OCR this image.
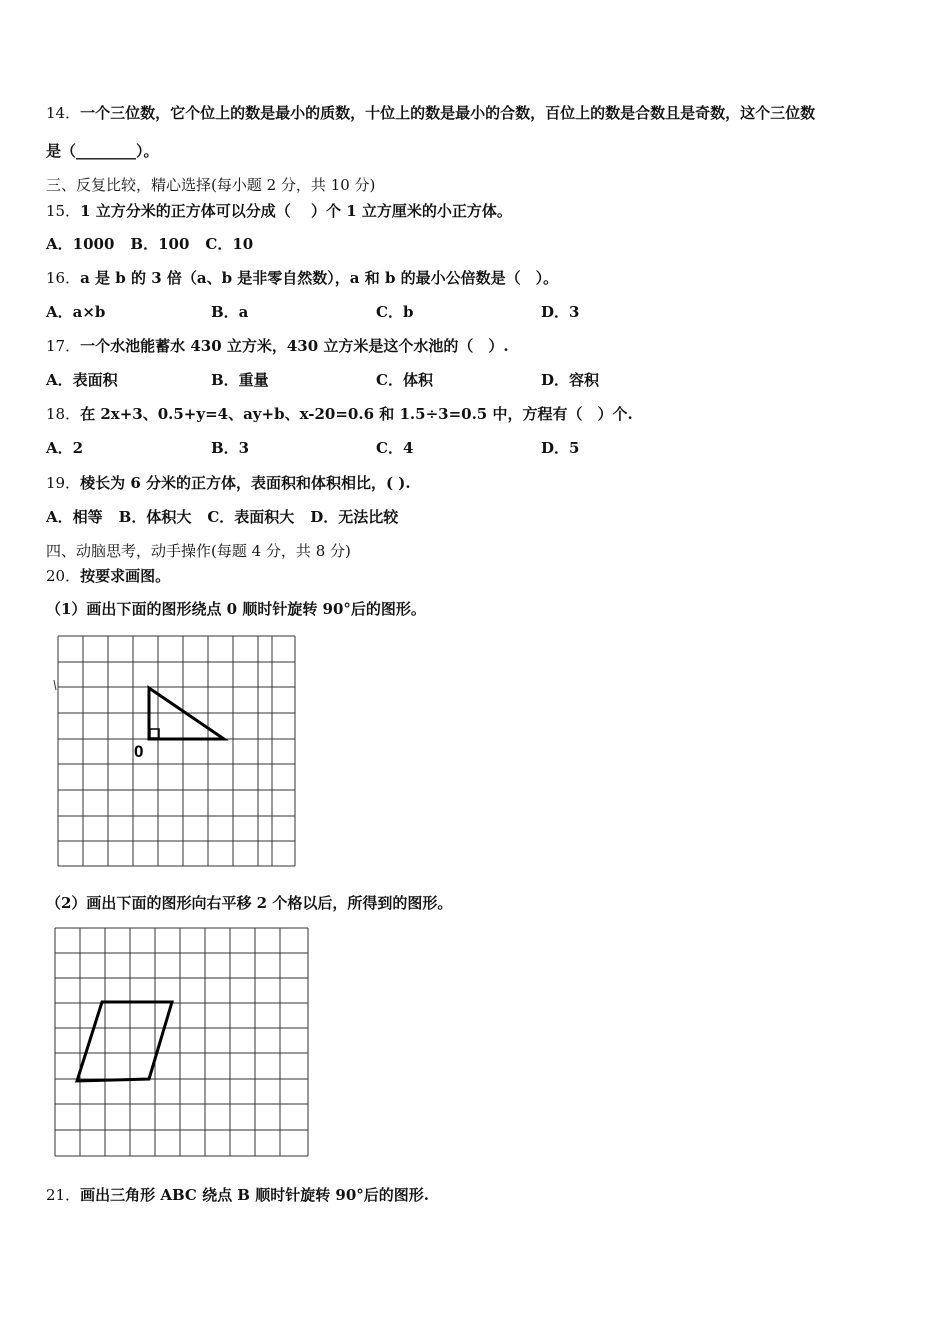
14．一个三位数，它个位上的数是最小的质数，十位上的数是最小的合数，百位上的数是合数且是奇数，这个三位数
是（________）。
三、反复比较，精心选择(每小题 2 分，共 10 分)
15．1 立方分米的正方体可以分成（　 ）个 1 立方厘米的小正方体。
A．1000 B．100 C．10
16．a 是 b 的 3 倍（a、b 是非零自然数），a 和 b 的最小公倍数是（　）。
A．a×b	B．a	C．b	D．3
17．一个水池能蓄水 430 立方米，430 立方米是这个水池的（　）.
A．表面积	B．重量	C．体积	D．容积
18．在 2x+3、0.5+y=4、ay+b、x-20=0.6 和 1.5÷3=0.5 中，方程有（　）个.
A．2	B．3	C．4	D．5
19．棱长为 6 分米的正方体，表面积和体积相比，( ).
A．相等 B．体积大 C．表面积大 D．无法比较
四、动脑思考，动手操作(每题 4 分，共 8 分)
20．按要求画图。
（1）画出下面的图形绕点 0 顺时针旋转 90°后的图形。
0
（2）画出下面的图形向右平移 2 个格以后，所得到的图形。
21．画出三角形 ABC 绕点 B 顺时针旋转 90°后的图形.
